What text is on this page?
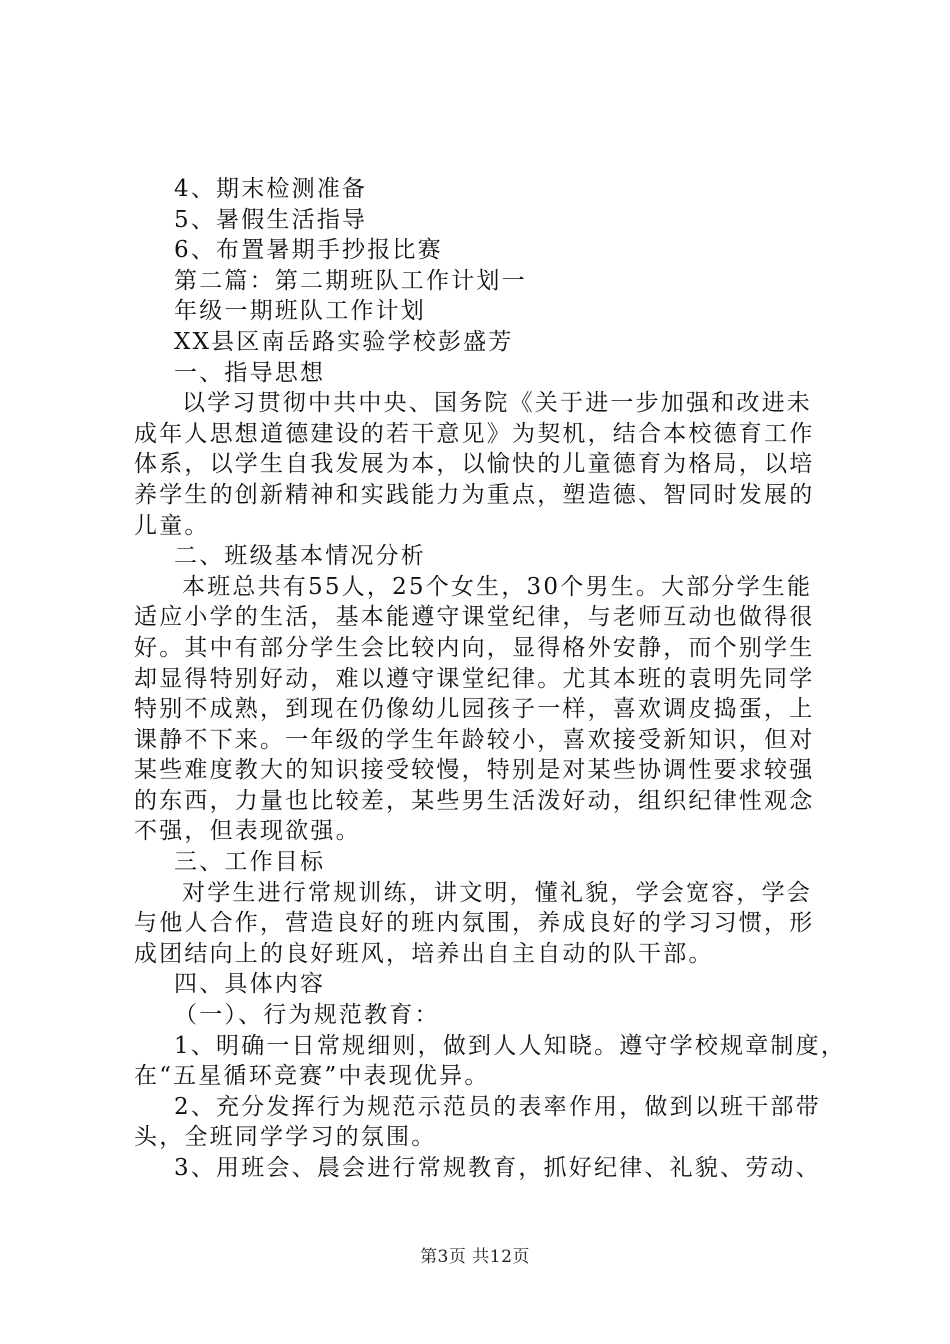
4、期末检测准备

5、暑假生活指导

6、布置暑期手抄报比赛

第二篇：第二期班队工作计划一

年级一期班队工作计划

XX县区南岳路实验学校彭盛芳

一、指导思想

以学习贯彻中共中央、国务院《关于进一步加强和改进未

成年人思想道德建设的若干意见》为契机，结合本校德育工作

体系，以学生自我发展为本，以愉快的儿童德育为格局，以培

养学生的创新精神和实践能力为重点，塑造德、智同时发展的

儿童。

二、班级基本情况分析

本班总共有55人，25个女生，30个男生。大部分学生能

适应小学的生活，基本能遵守课堂纪律，与老师互动也做得很

好。其中有部分学生会比较内向，显得格外安静，而个别学生

却显得特别好动，难以遵守课堂纪律。尤其本班的袁明先同学

特别不成熟，到现在仍像幼儿园孩子一样，喜欢调皮捣蛋，上

课静不下来。一年级的学生年龄较小，喜欢接受新知识，但对

某些难度教大的知识接受较慢，特别是对某些协调性要求较强

的东西，力量也比较差，某些男生活泼好动，组织纪律性观念

不强，但表现欲强。

三、工作目标

对学生进行常规训练，讲文明，懂礼貌，学会宽容，学会

与他人合作，营造良好的班内氛围，养成良好的学习习惯，形

成团结向上的良好班风，培养出自主自动的队干部。

四、具体内容

（一）、行为规范教育：

1、明确一日常规细则，做到人人知晓。遵守学校规章制度，

在“五星循环竞赛”中表现优异。

2、充分发挥行为规范示范员的表率作用，做到以班干部带

头，全班同学学习的氛围。

3、用班会、晨会进行常规教育，抓好纪律、礼貌、劳动、

第3页 共12页
